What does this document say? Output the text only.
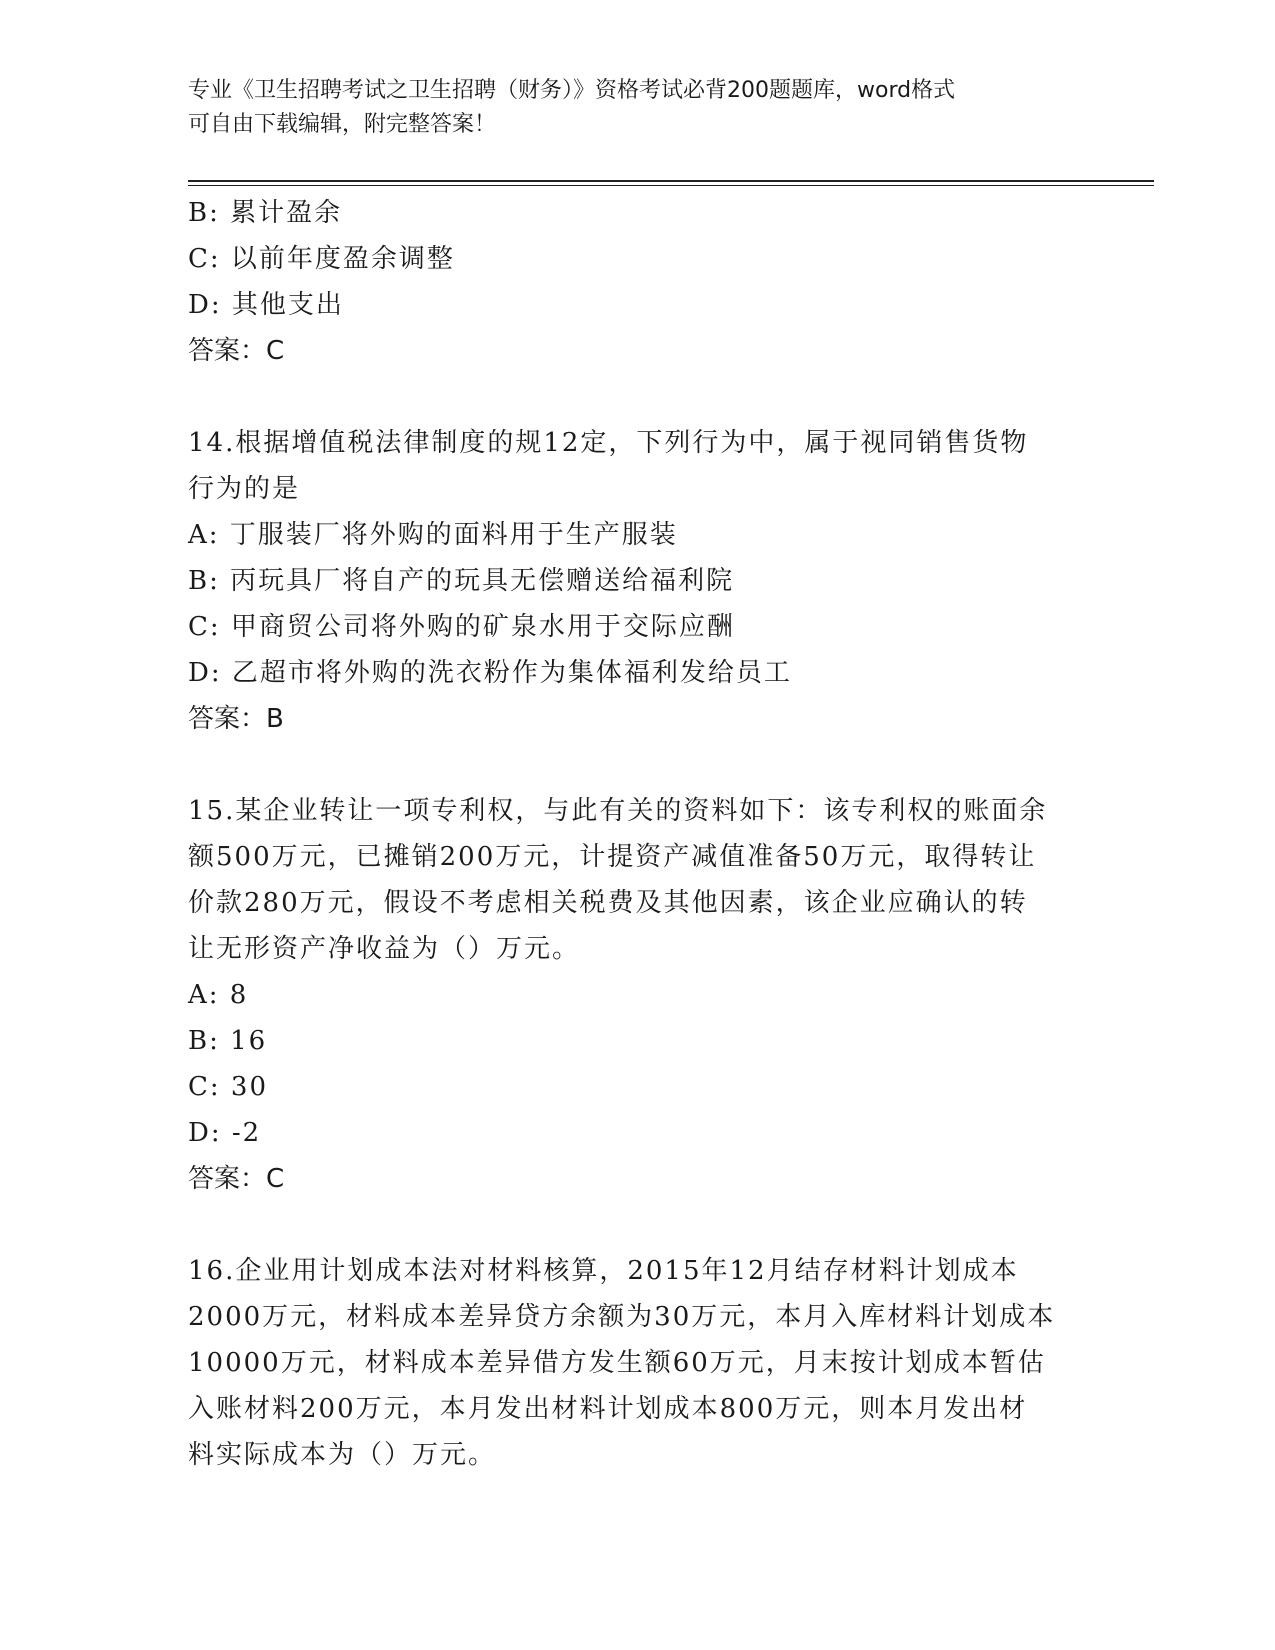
专业《卫生招聘考试之卫生招聘（财务）》资格考试必背200题题库，word格式
可自由下载编辑，附完整答案！
B: 累计盈余
C: 以前年度盈余调整
D: 其他支出
答案：C
14.根据增值税法律制度的规12定，下列行为中，属于视同销售货物
行为的是
A: 丁服装厂将外购的面料用于生产服装
B: 丙玩具厂将自产的玩具无偿赠送给福利院
C: 甲商贸公司将外购的矿泉水用于交际应酬
D: 乙超市将外购的洗衣粉作为集体福利发给员工
答案：B
15.某企业转让一项专利权，与此有关的资料如下：该专利权的账面余
额500万元，已摊销200万元，计提资产减值准备50万元，取得转让
价款280万元，假设不考虑相关税费及其他因素，该企业应确认的转
让无形资产净收益为（）万元。
A: 8
B: 16
C: 30
D: -2
答案：C
16.企业用计划成本法对材料核算，2015年12月结存材料计划成本
2000万元，材料成本差异贷方余额为30万元，本月入库材料计划成本
10000万元，材料成本差异借方发生额60万元，月末按计划成本暂估
入账材料200万元，本月发出材料计划成本800万元，则本月发出材
料实际成本为（）万元。
